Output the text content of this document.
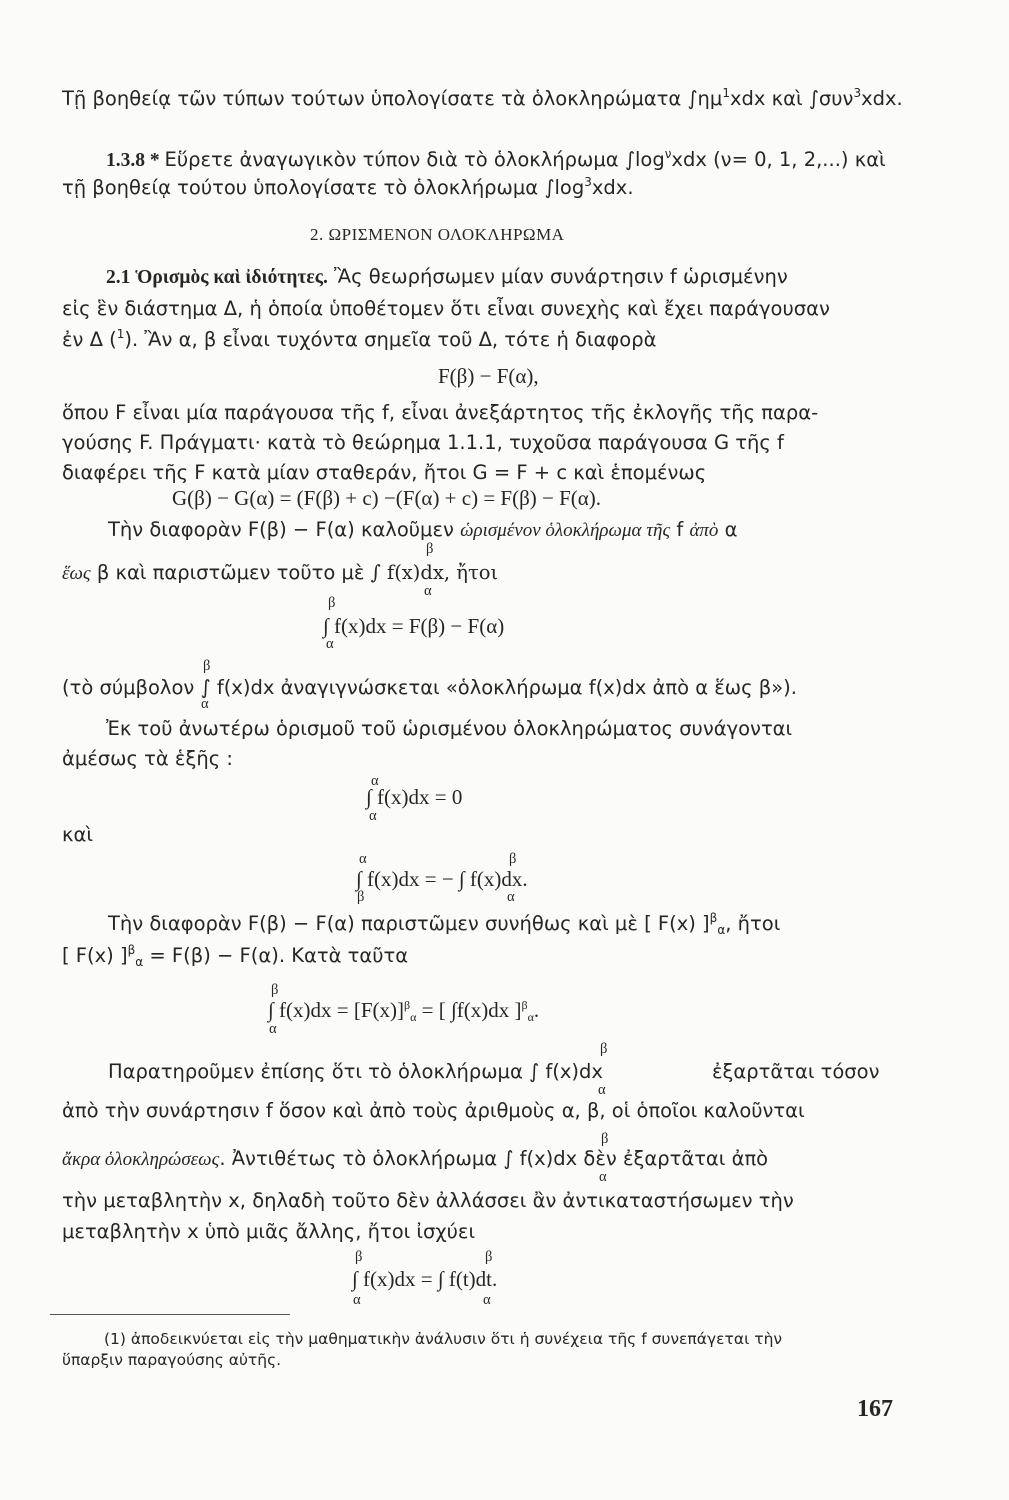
Τῇ βοηθείᾳ τῶν τύπων τούτων ὑπολογίσατε τὰ ὁλοκληρώματα $\int\eta\mu^1xdx$ καὶ ∫συν$^3$xdx.
1.3.8 * Εὕρετε ἀναγωγικὸν τύπον διὰ τὸ ὁλοκλήρωμα $\int\log^\nu xdx$ (ν= 0, 1, 2,...) καὶ
τῇ βοηθείᾳ τούτου ὑπολογίσατε τὸ ὁλοκλήρωμα $\int\log^3xdx$.
2. ΩΡΙΣΜΕΝΟΝ ΟΛΟΚΛΗΡΩΜΑ
2.1 Ὁρισμὸς καὶ ἰδιότητες. Ἂς θεωρήσωμεν μίαν συνάρτησιν f ὡρισμένην
εἰς ἓν διάστημα Δ, ἡ ὁποία ὑποθέτομεν ὅτι εἶναι συνεχὴς καὶ ἔχει παράγουσαν
ἐν Δ ($^1$). Ἂν α, β εἶναι τυχόντα σημεῖα τοῦ Δ, τότε ἡ διαφορὰ
F(β) − F(α),
ὅπου F εἶναι μία παράγουσα τῆς f, εἶναι ἀνεξάρτητος τῆς ἐκλογῆς τῆς παρα-
γούσης F. Πράγματι· κατὰ τὸ θεώρημα 1.1.1, τυχοῦσα παράγουσα G τῆς f
διαφέρει τῆς F κατὰ μίαν σταθεράν, ἤτοι G = F + c καὶ ἑπομένως
G(β) − G(α) = (F(β) + c) −(F(α) + c) = F(β) − F(α).
Τὴν διαφορὰν F(β) − F(α) καλοῦμεν ὡρισμένον ὁλοκλήρωμα τῆς f ἀπὸ α
β
ἕως β καὶ παριστῶμεν τοῦτο μὲ ∫ f(x)dx, ἤτοι
α
β
∫ f(x)dx = F(β) − F(α)
α
β
(τὸ σύμβολον ∫ f(x)dx ἀναγιγνώσκεται «ὁλοκλήρωμα f(x)dx ἀπὸ α ἕως β»).
α
Ἐκ τοῦ ἀνωτέρω ὁρισμοῦ τοῦ ὡρισμένου ὁλοκληρώματος συνάγονται
ἀμέσως τὰ ἑξῆς :
α
∫ f(x)dx = 0
α
καὶ
α	β
∫ f(x)dx = − ∫ f(x)dx.
β	α
Τὴν διαφορὰν F(β) − F(α) παριστῶμεν συνήθως καὶ μὲ [ F(x) ]$^\beta_\alpha$, ἤτοι
[ F(x) ]$^\beta_\alpha$ = F(β) − F(α). Κατὰ ταῦτα
β
∫ $f(x)dx = [F(x)]^\beta_\alpha$ = [ ∫f(x)dx ]$^\beta_\alpha$.
α
β
Παρατηροῦμεν ἐπίσης ὅτι τὸ ὁλοκλήρωμα ∫ f(x)dx	ἐξαρτᾶται τόσον
α
ἀπὸ τὴν συνάρτησιν f ὅσον καὶ ἀπὸ τοὺς ἀριθμοὺς α, β, οἱ ὁποῖοι καλοῦνται
β
ἄκρα ὁλοκληρώσεως. Ἀντιθέτως τὸ ὁλοκλήρωμα ∫ f(x)dx δὲν ἐξαρτᾶται ἀπὸ
α
τὴν μεταβλητὴν x, δηλαδὴ τοῦτο δὲν ἀλλάσσει ἂν ἀντικαταστήσωμεν τὴν
μεταβλητὴν x ὑπὸ μιᾶς ἄλλης, ἤτοι ἰσχύει
β	β
∫ f(x)dx = ∫ f(t)dt.
α	α
(1) ἀποδεικνύεται εἰς τὴν μαθηματικὴν ἀνάλυσιν ὅτι ἡ συνέχεια τῆς f συνεπάγεται τὴν
ὕπαρξιν παραγούσης αὐτῆς.
167
